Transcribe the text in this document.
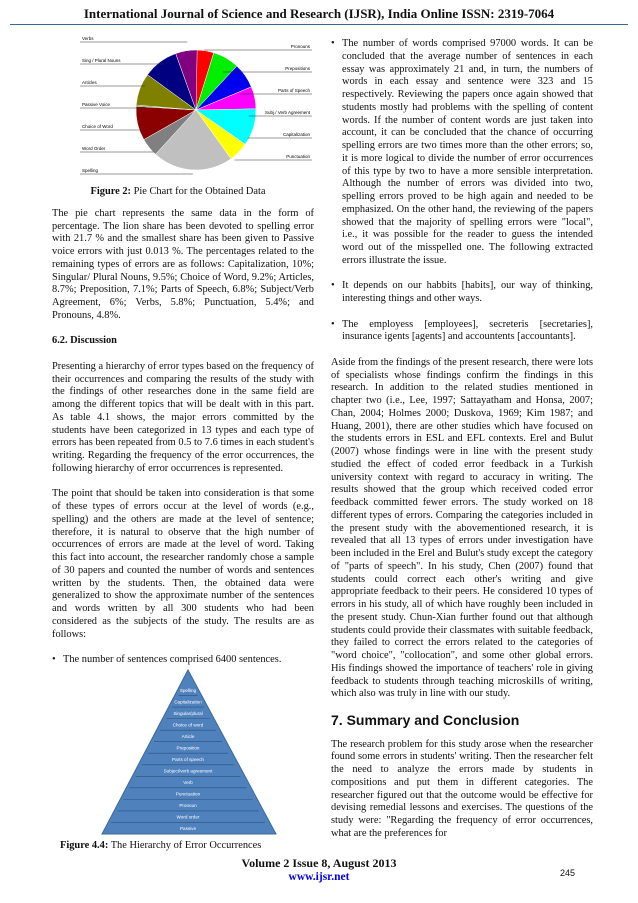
International Journal of Science and Research (IJSR), India Online ISSN: 2319-7064
Pronouns
Prepositions
Parts of Speech
Subj./ Verb Agreement
Capitalization
Punctuation
Verbs
Sing / Plural Nouns
Articles
Passive Voice
Choice of Word
Word Order
Spelling
Figure 2: Pie Chart for the Obtained Data

The pie chart represents the same data in the form of percentage. The lion share has been devoted to spelling error with 21.7 % and the smallest share has been given to Passive voice errors with just 0.013 %. The percentages related to the remaining types of errors are as follows: Capitalization, 10%; Singular/ Plural Nouns, 9.5%; Choice of Word, 9.2%; Articles, 8.7%; Preposition, 7.1%; Parts of Speech, 6.8%; Subject/Verb Agreement, 6%; Verbs, 5.8%; Punctuation, 5.4%; and Pronouns, 4.8%.

6.2. Discussion

Presenting a hierarchy of error types based on the frequency of their occurrences and comparing the results of the study with the findings of other researches done in the same field are among the different topics that will be dealt with in this part. As table 4.1 shows, the major errors committed by the students have been categorized in 13 types and each type of errors has been repeated from 0.5 to 7.6 times in each student's writing. Regarding the frequency of the error occurrences, the following hierarchy of error occurrences is represented.

The point that should be taken into consideration is that some of these types of errors occur at the level of words (e.g., spelling) and the others are made at the level of sentence; therefore, it is natural to observe that the high number of occurrences of errors are made at the level of word. Taking this fact into account, the researcher randomly chose a sample of 30 papers and counted the number of words and sentences written by the students. Then, the obtained data were generalized to show the approximate number of the sentences and words written by all 300 students who had been considered as the subjects of the study. The results are as follows:

• The number of sentences comprised 6400 sentences.
Spelling
Capitalization
Singular/plural
Choice of word
Article
Preposition
Parts of speech
Subject/verb agreement
Verb
Punctuation
Pronoun
Word order
Passive
Figure 4.4: The Hierarchy of Error Occurrences
• The number of words comprised 97000 words. It can be concluded that the average number of sentences in each essay was approximately 21 and, in turn, the numbers of words in each essay and sentence were 323 and 15 respectively. Reviewing the papers once again showed that students mostly had problems with the spelling of content words. If the number of content words are just taken into account, it can be concluded that the chance of occurring spelling errors are two times more than the other errors; so, it is more logical to divide the number of error occurrences of this type by two to have a more sensible interpretation. Although the number of errors was divided into two, spelling errors proved to be high again and needed to be emphasized. On the other hand, the reviewing of the papers showed that the majority of spelling errors were "local", i.e., it was possible for the reader to guess the intended word out of the misspelled one. The following extracted errors illustrate the issue.
• It depends on our habbits [habits], our way of thinking, interesting things and other ways.
• The employess [employees], secreteris [secretaries], insurance igents [agents] and accountents [accountants].

Aside from the findings of the present research, there were lots of specialists whose findings confirm the findings in this research. In addition to the related studies mentioned in chapter two (i.e., Lee, 1997; Sattayatham and Honsa, 2007; Chan, 2004; Holmes 2000; Duskova, 1969; Kim 1987; and Huang, 2001), there are other studies which have focused on the students errors in ESL and EFL contexts. Erel and Bulut (2007) whose findings were in line with the present study studied the effect of coded error feedback in a Turkish university context with regard to accuracy in writing. The results showed that the group which received coded error feedback committed fewer errors. The study worked on 18 different types of errors. Comparing the categories included in the present study with the abovementioned research, it is revealed that all 13 types of errors under investigation have been included in the Erel and Bulut's study except the category of "parts of speech". In his study, Chen (2007) found that students could correct each other's writing and give appropriate feedback to their peers. He considered 10 types of errors in his study, all of which have roughly been included in the present study. Chun-Xian further found out that although students could provide their classmates with suitable feedback, they failed to correct the errors related to the categories of "word choice", "collocation", and some other global errors. His findings showed the importance of teachers' role in giving feedback to students through teaching microskills of writing, which also was truly in line with our study.

7. Summary and Conclusion

The research problem for this study arose when the researcher found some errors in students' writing. Then the researcher felt the need to analyze the errors made by students in compositions and put them in different categories. The researcher figured out that the outcome would be effective for devising remedial lessons and exercises. The questions of the study were: "Regarding the frequency of error occurrences, what are the preferences for

Volume 2 Issue 8, August 2013
www.ijsr.net	245
